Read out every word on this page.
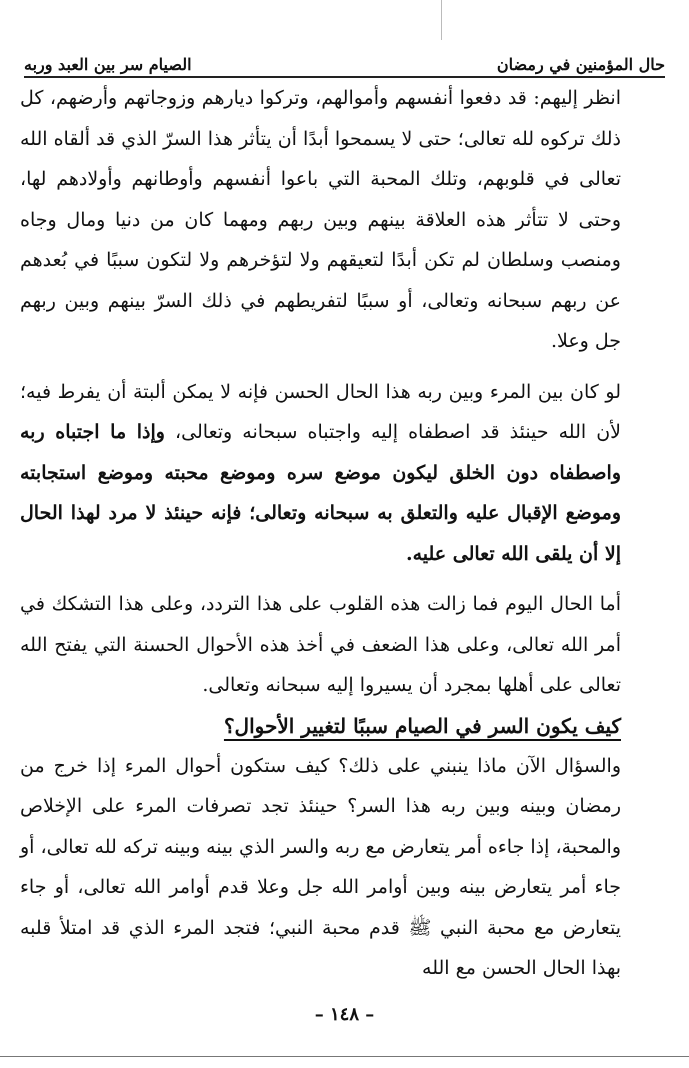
حال المؤمنين في رمضان
الصيام سر بين العبد وربه

انظر إليهم: قد دفعوا أنفسهم وأموالهم، وتركوا ديارهم وزوجاتهم وأرضهم، كل ذلك تركوه لله تعالى؛ حتى لا يسمحوا أبدًا أن يتأثر هذا السرّ الذي قد ألقاه الله تعالى في قلوبهم، وتلك المحبة التي باعوا أنفسهم وأوطانهم وأولادهم لها، وحتى لا تتأثر هذه العلاقة بينهم وبين ربهم ومهما كان من دنيا ومال وجاه ومنصب وسلطان لم تكن أبدًا لتعيقهم ولا لتؤخرهم ولا لتكون سببًا في بُعدهم عن ربهم سبحانه وتعالى، أو سببًا لتفريطهم في ذلك السرّ بينهم وبين ربهم جل وعلا.

لو كان بين المرء وبين ربه هذا الحال الحسن فإنه لا يمكن ألبتة أن يفرط فيه؛ لأن الله حينئذ قد اصطفاه إليه واجتباه سبحانه وتعالى، وإذا ما اجتباه ربه واصطفاه دون الخلق ليكون موضع سره وموضع محبته وموضع استجابته وموضع الإقبال عليه والتعلق به سبحانه وتعالى؛ فإنه حينئذ لا مرد لهذا الحال إلا أن يلقى الله تعالى عليه.

أما الحال اليوم فما زالت هذه القلوب على هذا التردد، وعلى هذا التشكك في أمر الله تعالى، وعلى هذا الضعف في أخذ هذه الأحوال الحسنة التي يفتح الله تعالى على أهلها بمجرد أن يسيروا إليه سبحانه وتعالى.

كيف يكون السر في الصيام سببًا لتغيير الأحوال؟

والسؤال الآن ماذا ينبني على ذلك؟ كيف ستكون أحوال المرء إذا خرج من رمضان وبينه وبين ربه هذا السر؟ حينئذ تجد تصرفات المرء على الإخلاص والمحبة، إذا جاءه أمر يتعارض مع ربه والسر الذي بينه وبينه تركه لله تعالى، أو جاء أمر يتعارض بينه وبين أوامر الله جل وعلا قدم أوامر الله تعالى، أو جاء يتعارض مع محبة النبي ﷺ قدم محبة النبي؛ فتجد المرء الذي قد امتلأ قلبه بهذا الحال الحسن مع الله

– ١٤٨ –
